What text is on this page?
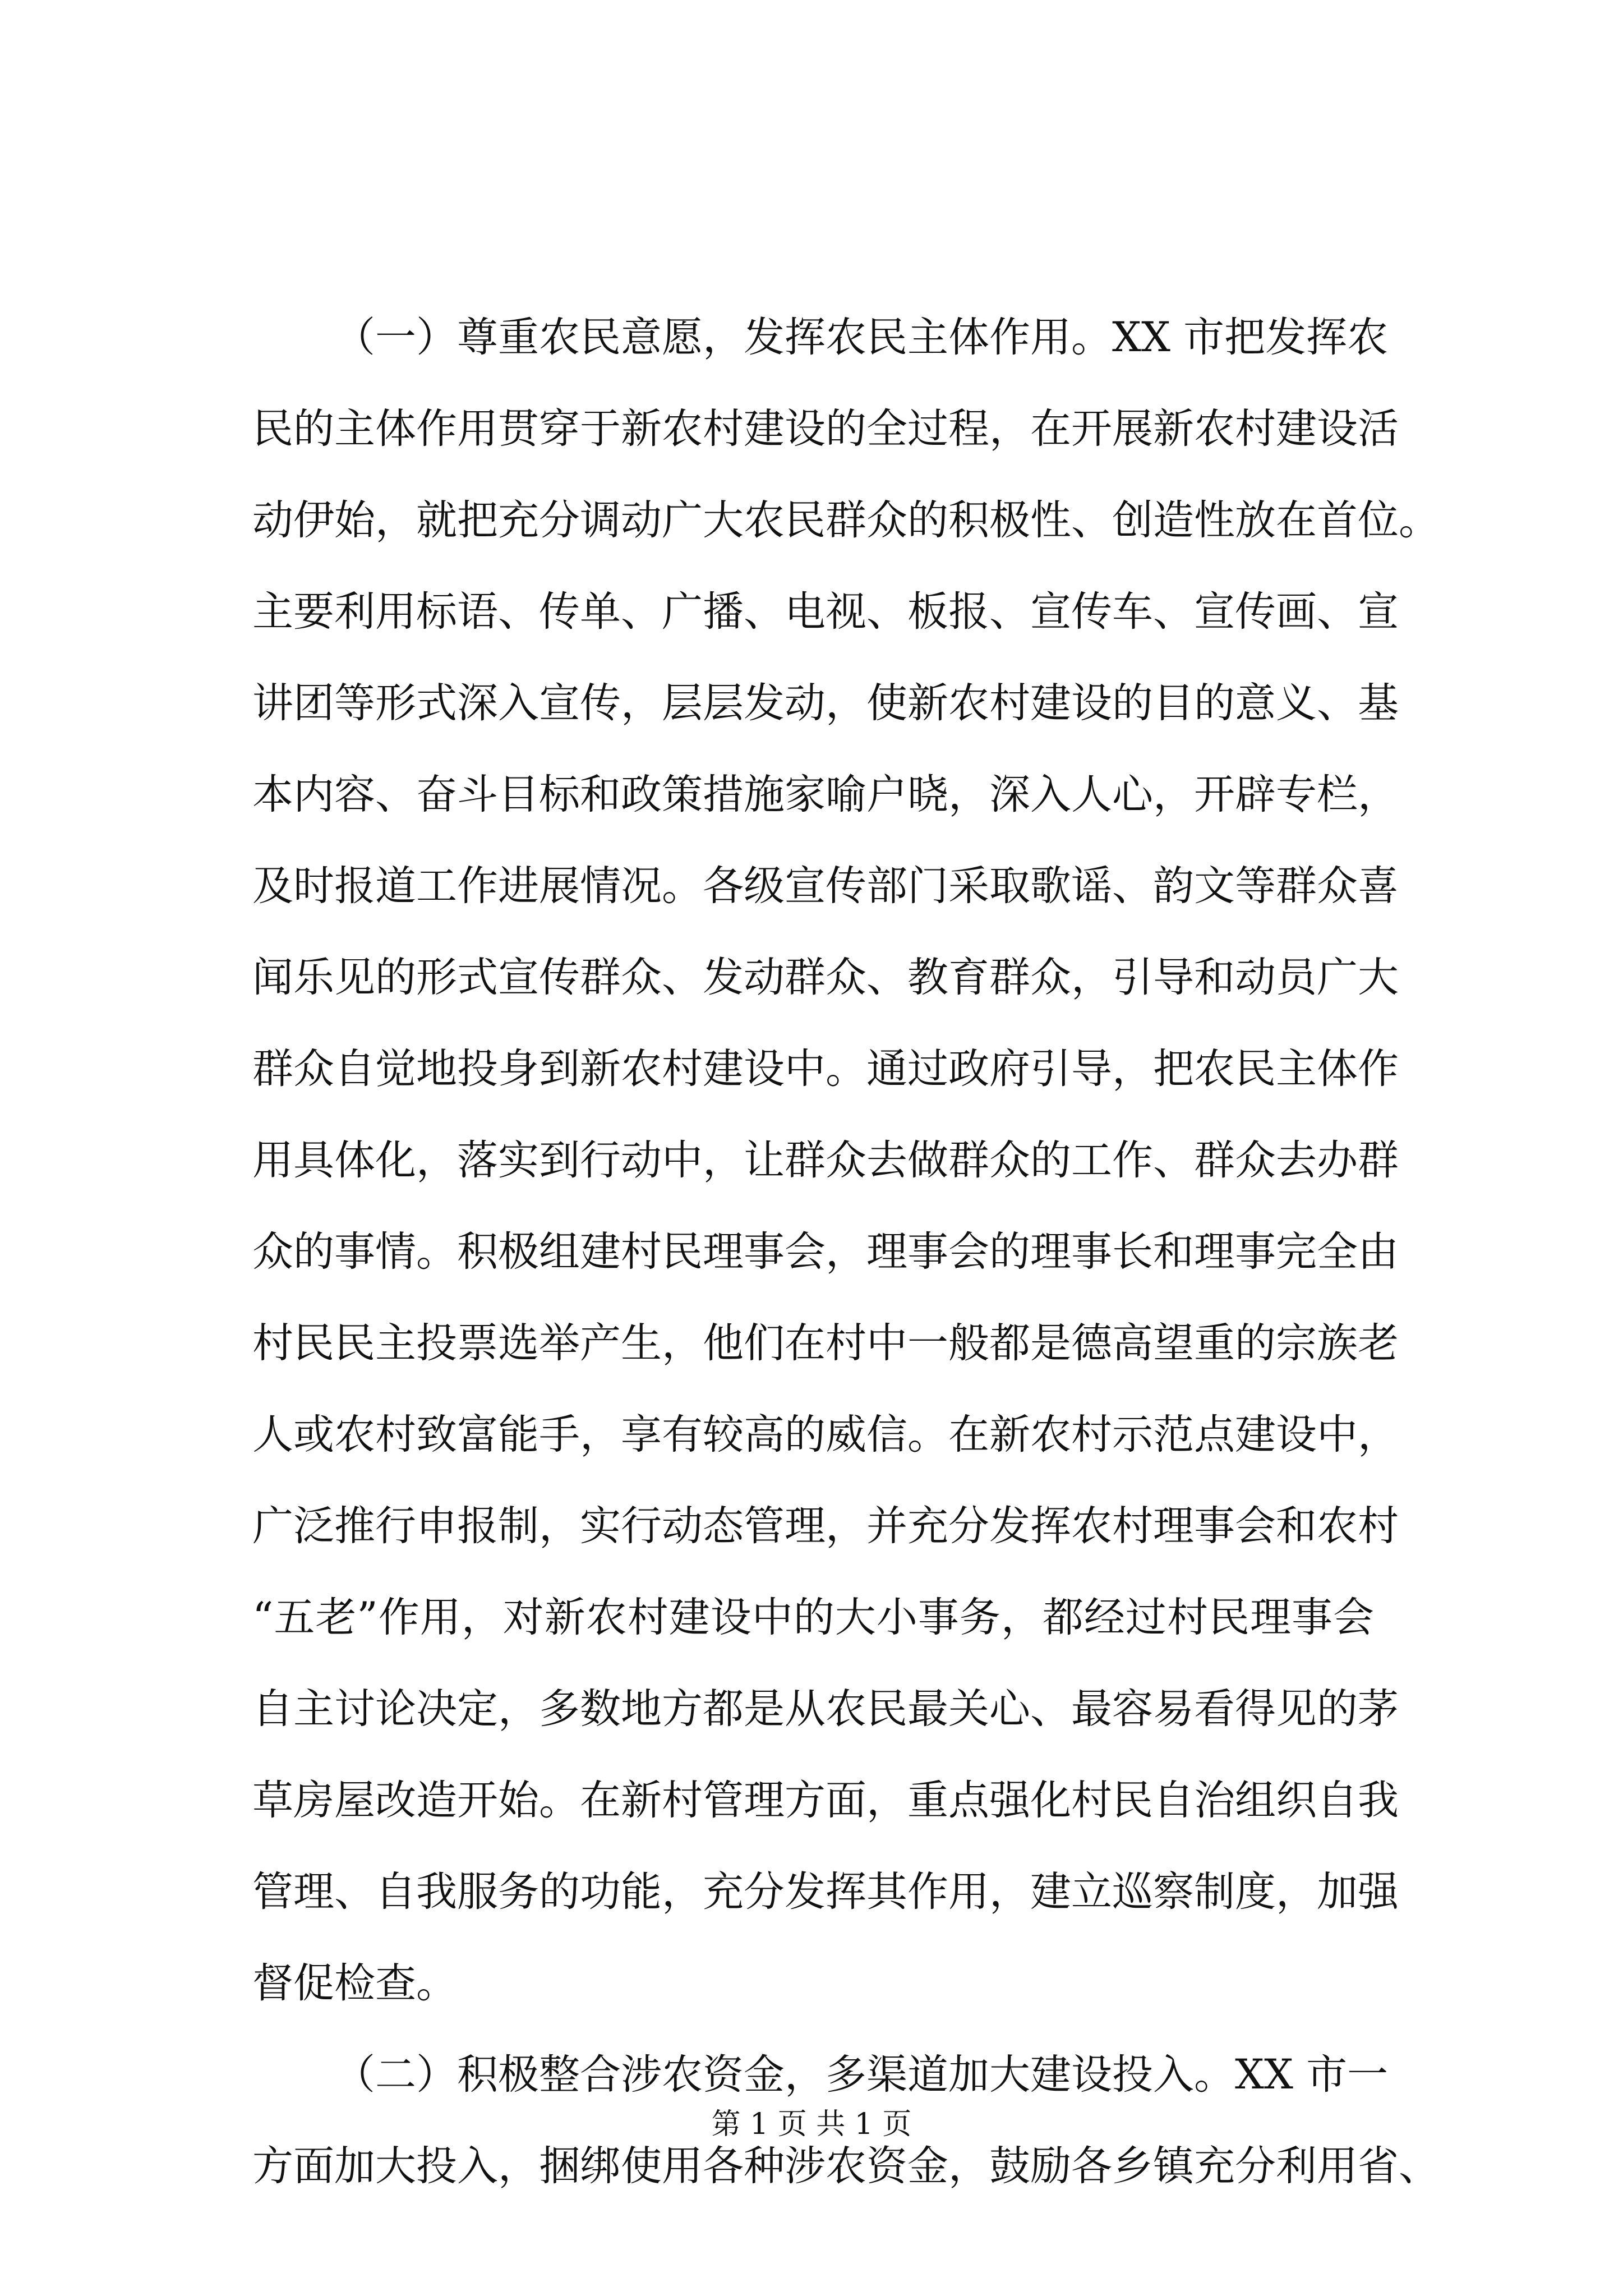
（一）尊重农民意愿，发挥农民主体作用。XX 市把发挥农
民的主体作用贯穿于新农村建设的全过程，在开展新农村建设活
动伊始，就把充分调动广大农民群众的积极性、创造性放在首位。
主要利用标语、传单、广播、电视、板报、宣传车、宣传画、宣
讲团等形式深入宣传，层层发动，使新农村建设的目的意义、基
本内容、奋斗目标和政策措施家喻户晓，深入人心，开辟专栏，
及时报道工作进展情况。各级宣传部门采取歌谣、韵文等群众喜
闻乐见的形式宣传群众、发动群众、教育群众，引导和动员广大
群众自觉地投身到新农村建设中。通过政府引导，把农民主体作
用具体化，落实到行动中，让群众去做群众的工作、群众去办群
众的事情。积极组建村民理事会，理事会的理事长和理事完全由
村民民主投票选举产生，他们在村中一般都是德高望重的宗族老
人或农村致富能手，享有较高的威信。在新农村示范点建设中，
广泛推行申报制，实行动态管理，并充分发挥农村理事会和农村
“五老”作用，对新农村建设中的大小事务，都经过村民理事会
自主讨论决定，多数地方都是从农民最关心、最容易看得见的茅
草房屋改造开始。在新村管理方面，重点强化村民自治组织自我
管理、自我服务的功能，充分发挥其作用，建立巡察制度，加强
督促检查。
（二）积极整合涉农资金，多渠道加大建设投入。XX 市一
方面加大投入，捆绑使用各种涉农资金，鼓励各乡镇充分利用省、
第 1 页 共 1 页
